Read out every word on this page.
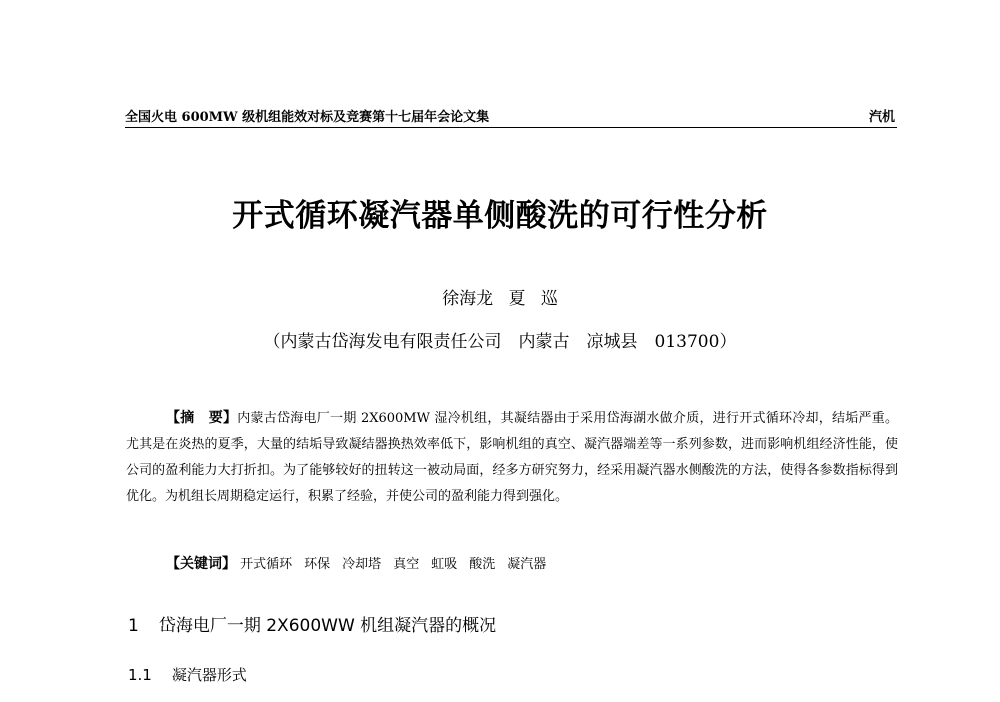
全国火电 600MW 级机组能效对标及竞赛第十七届年会论文集	汽机
开式循环凝汽器单侧酸洗的可行性分析
徐海龙 夏 巡
（内蒙古岱海发电有限责任公司　内蒙古　凉城县　013700）

【摘　要】内蒙古岱海电厂一期 2X600MW 湿冷机组，其凝结器由于采用岱海湖水做介质，进行开式循环冷却，结垢严重。尤其是在炎热的夏季，大量的结垢导致凝结器换热效率低下，影响机组的真空、凝汽器端差等一系列参数，进而影响机组经济性能，使公司的盈利能力大打折扣。为了能够较好的扭转这一被动局面，经多方研究努力，经采用凝汽器水侧酸洗的方法，使得各参数指标得到优化。为机组长周期稳定运行，积累了经验，并使公司的盈利能力得到强化。

【关键词】 开式循环 环保 冷却塔 真空 虹吸 酸洗 凝汽器
1 岱海电厂一期 2X600WW 机组凝汽器的概况
1.1 凝汽器形式
